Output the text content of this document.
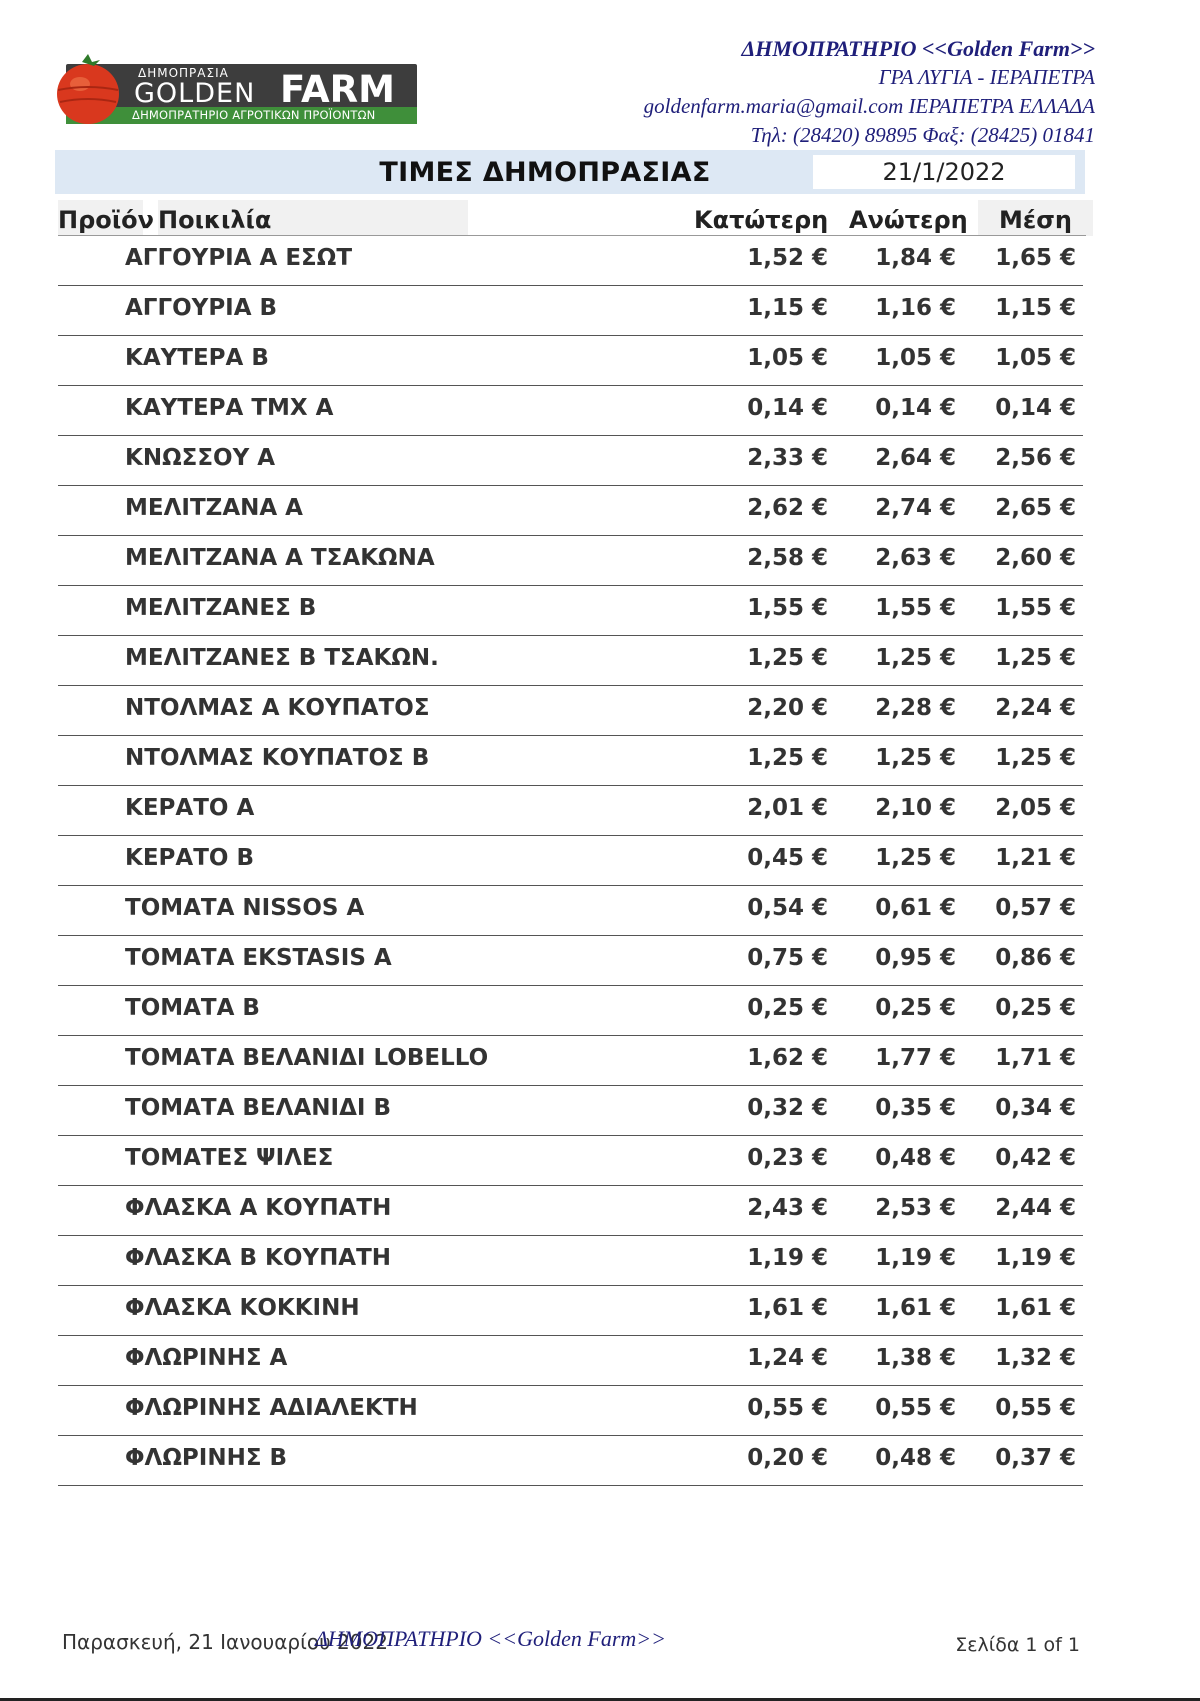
ΔΗΜΟΠΡΑΣΙΑ
GOLDEN FARM
ΔΗΜΟΠΡΑΤΗΡΙΟ ΑΓΡΟΤΙΚΩΝ ΠΡΟΪΟΝΤΩΝ
ΔΗΜΟΠΡΑΤΗΡΙΟ <<Golden Farm>>
ΓΡΑ ΛΥΓΙΑ - ΙΕΡΑΠΕΤΡΑ
goldenfarm.maria@gmail.com ΙΕΡΑΠΕΤΡΑ ΕΛΛΑΔΑ
Τηλ: (28420) 89895 Φαξ: (28425) 01841
ΤΙΜΕΣ ΔΗΜΟΠΡΑΣΙΑΣ	21/1/2022
Προϊόν Ποικιλία	Κατώτερη Ανώτερη	Μέση
ΑΓΓΟΥΡΙΑ Α ΕΣΩΤ	1,52 € 1,84 € 1,65 €
ΑΓΓΟΥΡΙΑ Β	1,15 € 1,16 € 1,15 €
ΚΑΥΤΕΡΑ Β	1,05 € 1,05 € 1,05 €
ΚΑΥΤΕΡΑ ΤΜΧ Α	0,14 € 0,14 € 0,14 €
ΚΝΩΣΣΟΥ Α	2,33 € 2,64 € 2,56 €
ΜΕΛΙΤΖΑΝΑ Α	2,62 € 2,74 € 2,65 €
ΜΕΛΙΤΖΑΝΑ Α ΤΣΑΚΩΝΑ	2,58 € 2,63 € 2,60 €
ΜΕΛΙΤΖΑΝΕΣ Β	1,55 € 1,55 € 1,55 €
ΜΕΛΙΤΖΑΝΕΣ Β ΤΣΑΚΩΝ.	1,25 € 1,25 € 1,25 €
ΝΤΟΛΜΑΣ Α ΚΟΥΠΑΤΟΣ	2,20 € 2,28 € 2,24 €
ΝΤΟΛΜΑΣ ΚΟΥΠΑΤΟΣ Β	1,25 € 1,25 € 1,25 €
ΚΕΡΑΤΟ Α	2,01 € 2,10 € 2,05 €
ΚΕΡΑΤΟ Β	0,45 € 1,25 € 1,21 €
ΤΟΜΑΤΑ NISSOS A	0,54 € 0,61 € 0,57 €
ΤΟΜΑΤΑ EKSTASIS A	0,75 € 0,95 € 0,86 €
ΤΟΜΑΤΑ Β	0,25 € 0,25 € 0,25 €
ΤΟΜΑΤΑ ΒΕΛΑΝΙΔΙ LOBELLO	1,62 € 1,77 € 1,71 €
ΤΟΜΑΤΑ ΒΕΛΑΝΙΔΙ Β	0,32 € 0,35 € 0,34 €
ΤΟΜΑΤΕΣ ΨΙΛΕΣ	0,23 € 0,48 € 0,42 €
ΦΛΑΣΚΑ Α ΚΟΥΠΑΤΗ	2,43 € 2,53 € 2,44 €
ΦΛΑΣΚΑ Β ΚΟΥΠΑΤΗ	1,19 € 1,19 € 1,19 €
ΦΛΑΣΚΑ ΚΟΚΚΙΝΗ	1,61 € 1,61 € 1,61 €
ΦΛΩΡΙΝΗΣ Α	1,24 € 1,38 € 1,32 €
ΦΛΩΡΙΝΗΣ ΑΔΙΑΛΕΚΤΗ	0,55 € 0,55 € 0,55 €
ΦΛΩΡΙΝΗΣ Β	0,20 € 0,48 € 0,37 €
Παρασκευή, 21 Ιανουαρίου 2022
ΔΗΜΟΠΡΑΤΗΡΙΟ <<Golden Farm>>	Σελίδα 1 of 1
